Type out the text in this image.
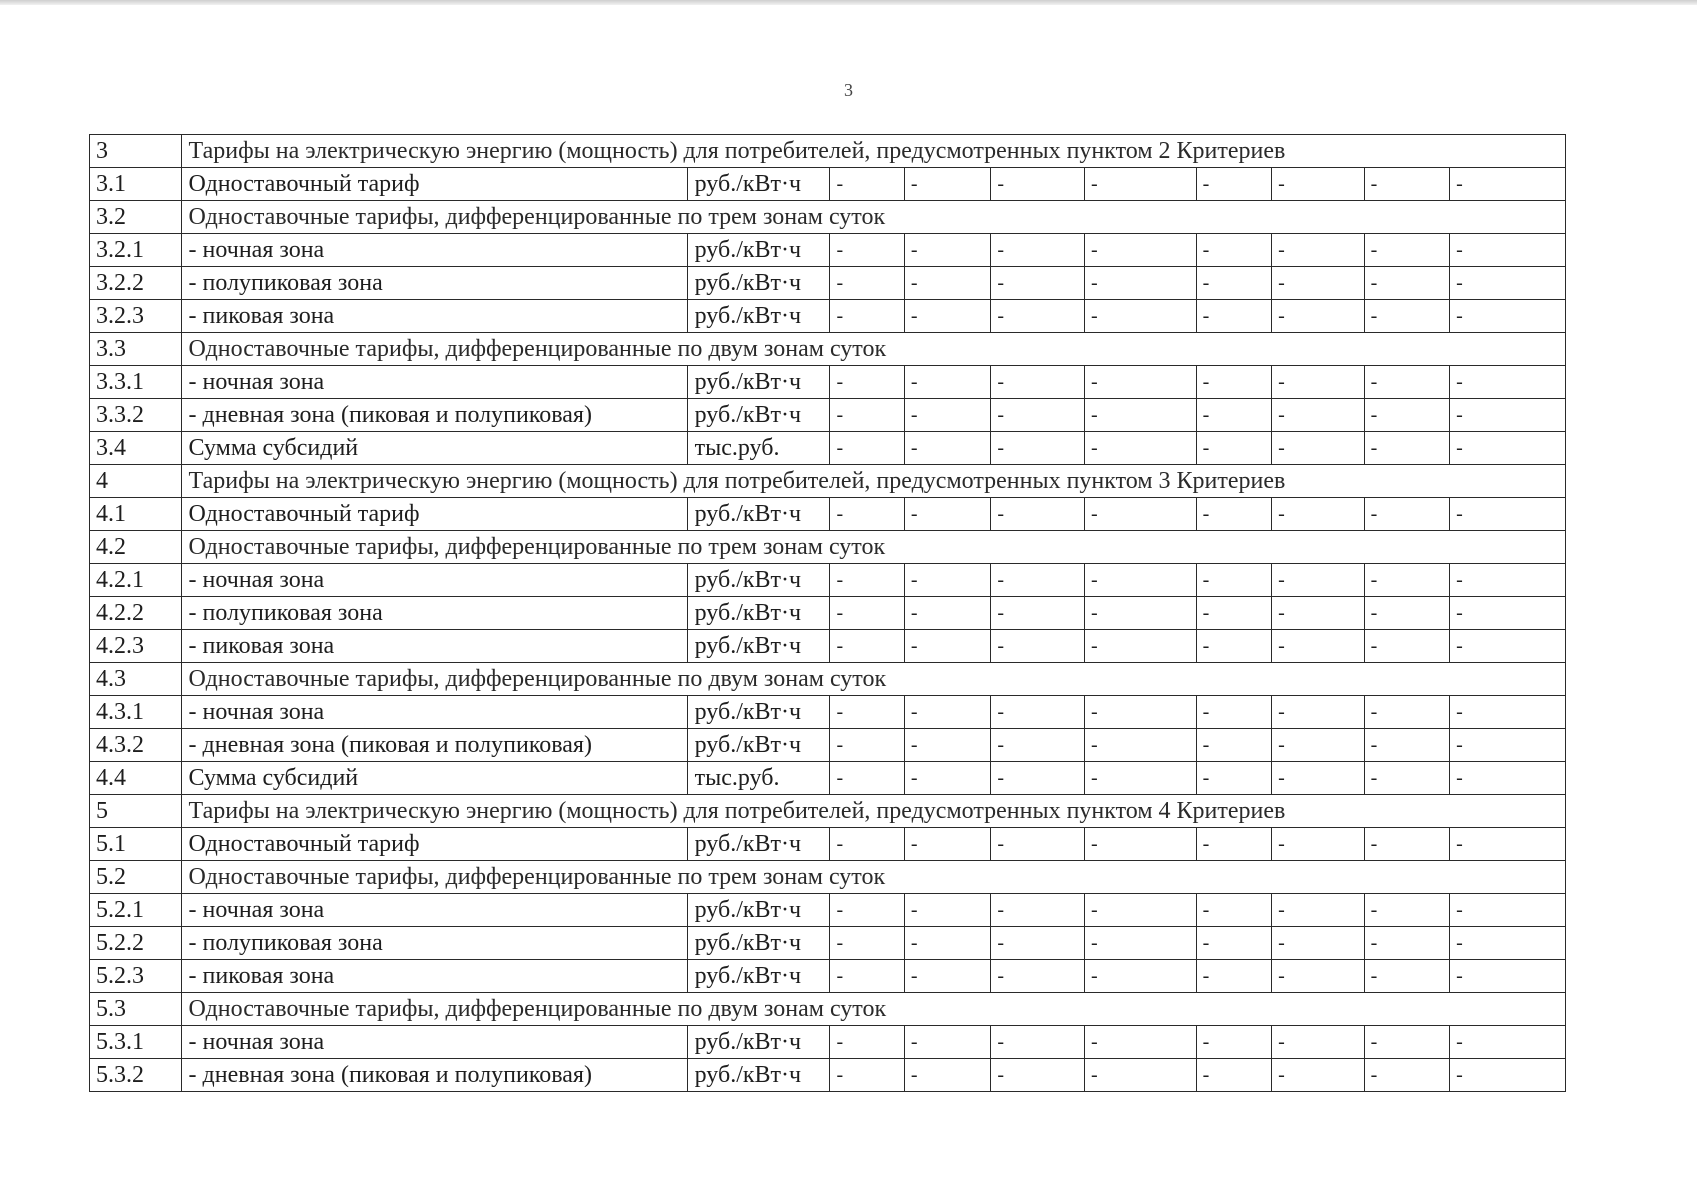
3
3	Тарифы на электрическую энергию (мощность) для потребителей, предусмотренных пунктом 2 Критериев									
3.1	Одноставочный тариф	руб./кВт·ч	-	-	-	-	-	-	-	-
3.2	Одноставочные тарифы, дифференцированные по трем зонам суток									
3.2.1	- ночная зона	руб./кВт·ч	-	-	-	-	-	-	-	-
3.2.2	- полупиковая зона	руб./кВт·ч	-	-	-	-	-	-	-	-
3.2.3	- пиковая зона	руб./кВт·ч	-	-	-	-	-	-	-	-
3.3	Одноставочные тарифы, дифференцированные по двум зонам суток									
3.3.1	- ночная зона	руб./кВт·ч	-	-	-	-	-	-	-	-
3.3.2	- дневная зона (пиковая и полупиковая)	руб./кВт·ч	-	-	-	-	-	-	-	-
3.4	Сумма субсидий	тыс.руб.	-	-	-	-	-	-	-	-
4	Тарифы на электрическую энергию (мощность) для потребителей, предусмотренных пунктом 3 Критериев									
4.1	Одноставочный тариф	руб./кВт·ч	-	-	-	-	-	-	-	-
4.2	Одноставочные тарифы, дифференцированные по трем зонам суток									
4.2.1	- ночная зона	руб./кВт·ч	-	-	-	-	-	-	-	-
4.2.2	- полупиковая зона	руб./кВт·ч	-	-	-	-	-	-	-	-
4.2.3	- пиковая зона	руб./кВт·ч	-	-	-	-	-	-	-	-
4.3	Одноставочные тарифы, дифференцированные по двум зонам суток									
4.3.1	- ночная зона	руб./кВт·ч	-	-	-	-	-	-	-	-
4.3.2	- дневная зона (пиковая и полупиковая)	руб./кВт·ч	-	-	-	-	-	-	-	-
4.4	Сумма субсидий	тыс.руб.	-	-	-	-	-	-	-	-
5	Тарифы на электрическую энергию (мощность) для потребителей, предусмотренных пунктом 4 Критериев									
5.1	Одноставочный тариф	руб./кВт·ч	-	-	-	-	-	-	-	-
5.2	Одноставочные тарифы, дифференцированные по трем зонам суток									
5.2.1	- ночная зона	руб./кВт·ч	-	-	-	-	-	-	-	-
5.2.2	- полупиковая зона	руб./кВт·ч	-	-	-	-	-	-	-	-
5.2.3	- пиковая зона	руб./кВт·ч	-	-	-	-	-	-	-	-
5.3	Одноставочные тарифы, дифференцированные по двум зонам суток									
5.3.1	- ночная зона	руб./кВт·ч	-	-	-	-	-	-	-	-
5.3.2	- дневная зона (пиковая и полупиковая)	руб./кВт·ч	-	-	-	-	-	-	-	-
